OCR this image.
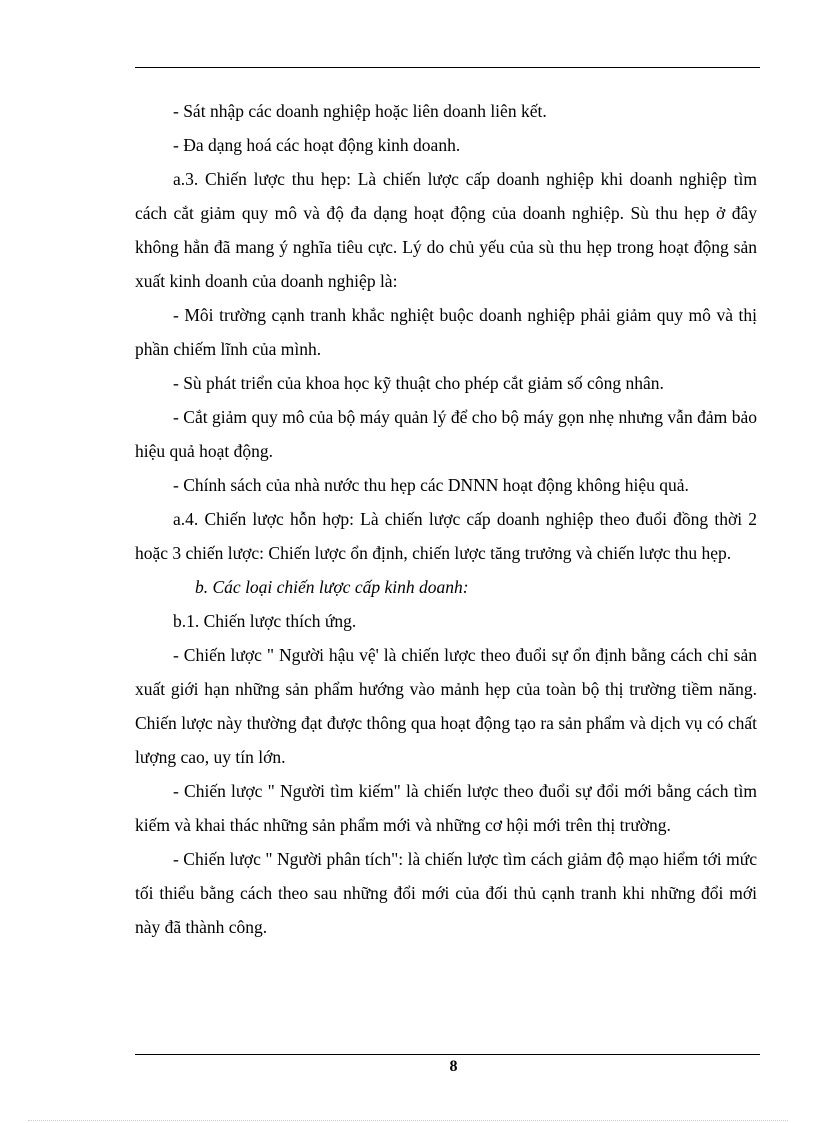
- Sát nhập các doanh nghiệp hoặc liên doanh liên kết.

- Đa dạng hoá các hoạt động kinh doanh.

a.3. Chiến lược thu hẹp: Là chiến lược cấp doanh nghiệp khi doanh nghiệp tìm cách cắt giảm quy mô và độ đa dạng hoạt động của doanh nghiệp. Sù thu hẹp ở đây không hẳn đã mang ý nghĩa tiêu cực. Lý do chủ yếu của sù thu hẹp trong hoạt động sản xuất kinh doanh của doanh nghiệp là:

- Môi trường cạnh tranh khắc nghiệt buộc doanh nghiệp phải giảm quy mô và thị phần chiếm lĩnh của mình.

- Sù phát triển của khoa học kỹ thuật cho phép cắt giảm số công nhân.

- Cắt giảm quy mô của bộ máy quản lý để cho bộ máy gọn nhẹ nhưng vẫn đảm bảo hiệu quả hoạt động.

- Chính sách của nhà nước thu hẹp các DNNN hoạt động không hiệu quả.

a.4. Chiến lược hỗn hợp: Là chiến lược cấp doanh nghiệp theo đuổi đồng thời 2 hoặc 3 chiến lược: Chiến lược ổn định, chiến lược tăng trưởng và chiến lược thu hẹp.

b. Các loại chiến lược cấp kinh doanh:

b.1. Chiến lược thích ứng.

- Chiến lược " Người hậu vệ' là chiến lược theo đuổi sự ổn định bằng cách chỉ sản xuất giới hạn những sản phẩm hướng vào mảnh hẹp của toàn bộ thị trường tiềm năng. Chiến lược này thường đạt được thông qua hoạt động tạo ra sản phẩm và dịch vụ có chất lượng cao, uy tín lớn.

- Chiến lược " Người tìm kiếm" là chiến lược theo đuổi sự đổi mới bằng cách tìm kiếm và khai thác những sản phẩm mới và những cơ hội mới trên thị trường.

- Chiến lược " Người phân tích": là chiến lược tìm cách giảm độ mạo hiểm tới mức tối thiểu bằng cách theo sau những đổi mới của đối thủ cạnh tranh khi những đổi mới này đã thành công.

8
